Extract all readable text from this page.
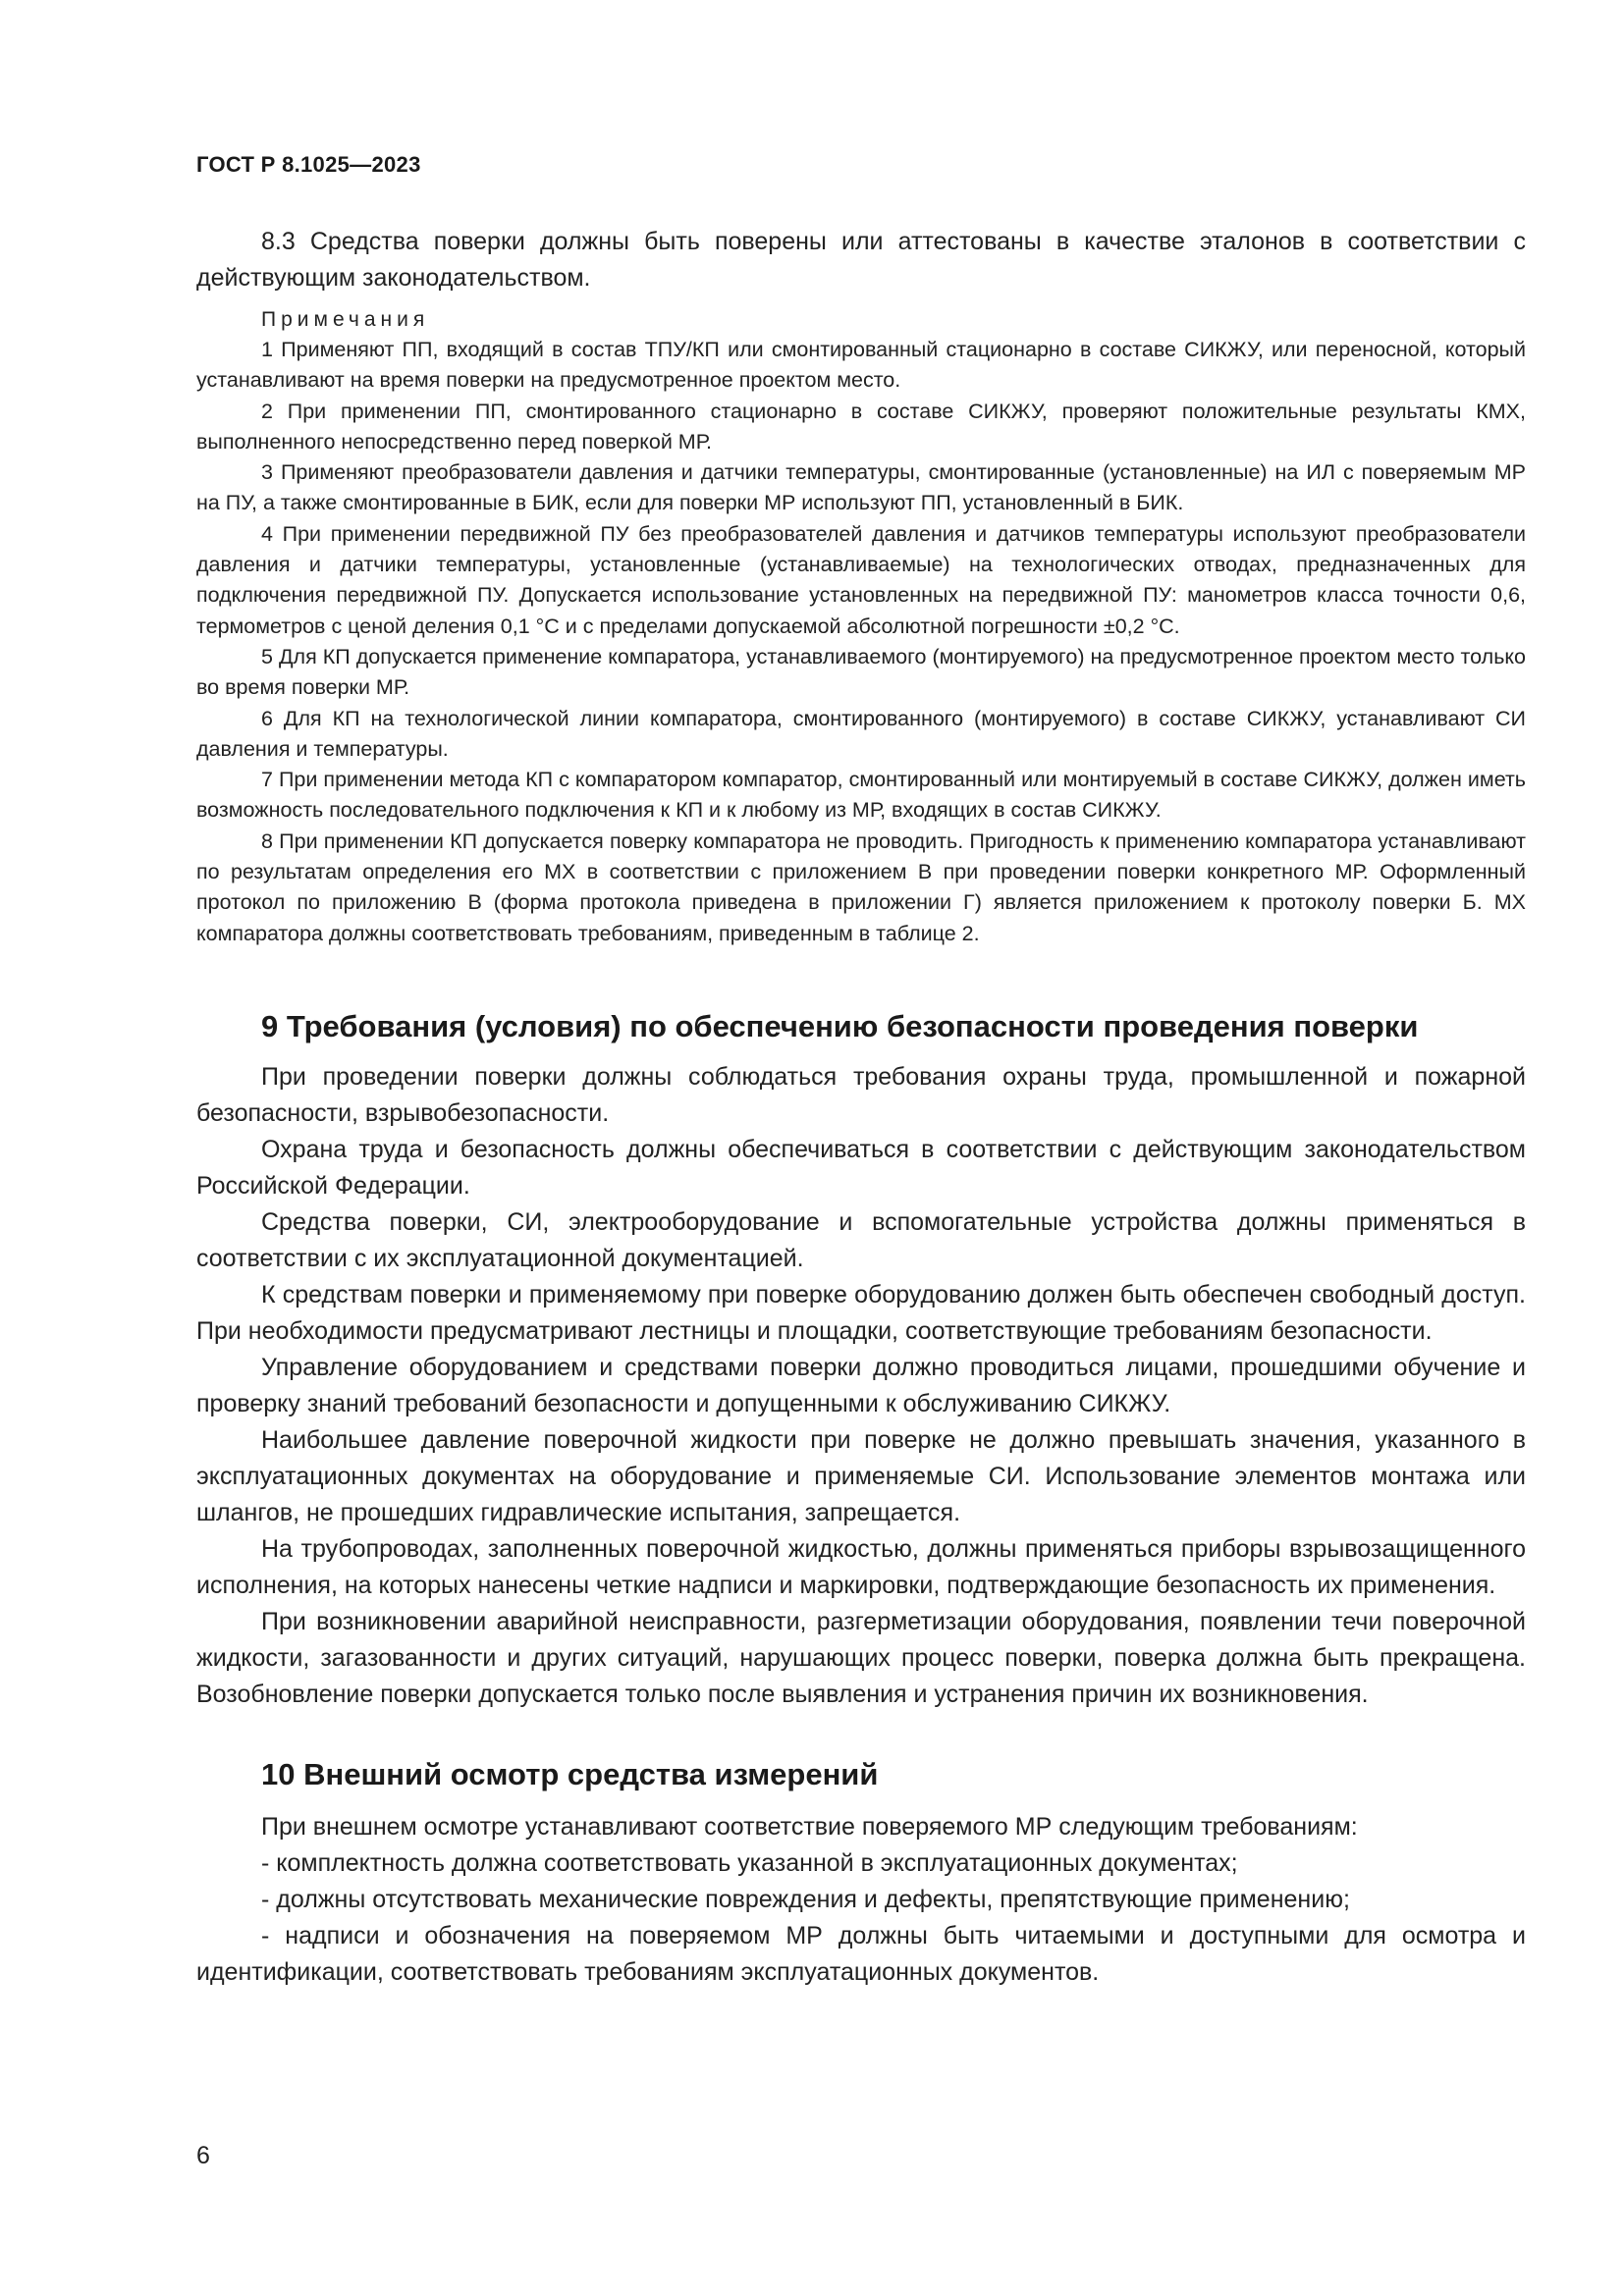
ГОСТ Р 8.1025—2023

8.3 Средства поверки должны быть поверены или аттестованы в качестве эталонов в соответствии с действующим законодательством.

Примечания

1 Применяют ПП, входящий в состав ТПУ/КП или смонтированный стационарно в составе СИКЖУ, или переносной, который устанавливают на время поверки на предусмотренное проектом место.

2 При применении ПП, смонтированного стационарно в составе СИКЖУ, проверяют положительные результаты КМХ, выполненного непосредственно перед поверкой МР.

3 Применяют преобразователи давления и датчики температуры, смонтированные (установленные) на ИЛ с поверяемым МР на ПУ, а также смонтированные в БИК, если для поверки МР используют ПП, установленный в БИК.

4 При применении передвижной ПУ без преобразователей давления и датчиков температуры используют преобразователи давления и датчики температуры, установленные (устанавливаемые) на технологических отводах, предназначенных для подключения передвижной ПУ. Допускается использование установленных на передвижной ПУ: манометров класса точности 0,6, термометров с ценой деления 0,1 °С и с пределами допускаемой абсолютной погрешности ±0,2 °С.

5 Для КП допускается применение компаратора, устанавливаемого (монтируемого) на предусмотренное проектом место только во время поверки МР.

6 Для КП на технологической линии компаратора, смонтированного (монтируемого) в составе СИКЖУ, устанавливают СИ давления и температуры.

7 При применении метода КП с компаратором компаратор, смонтированный или монтируемый в составе СИКЖУ, должен иметь возможность последовательного подключения к КП и к любому из МР, входящих в состав СИКЖУ.

8 При применении КП допускается поверку компаратора не проводить. Пригодность к применению компаратора устанавливают по результатам определения его МХ в соответствии с приложением В при проведении поверки конкретного МР. Оформленный протокол по приложению В (форма протокола приведена в приложении Г) является приложением к протоколу поверки Б. МХ компаратора должны соответствовать требованиям, приведенным в таблице 2.

9 Требования (условия) по обеспечению безопасности проведения поверки

При проведении поверки должны соблюдаться требования охраны труда, промышленной и пожарной безопасности, взрывобезопасности.

Охрана труда и безопасность должны обеспечиваться в соответствии с действующим законодательством Российской Федерации.

Средства поверки, СИ, электрооборудование и вспомогательные устройства должны применяться в соответствии с их эксплуатационной документацией.

К средствам поверки и применяемому при поверке оборудованию должен быть обеспечен свободный доступ. При необходимости предусматривают лестницы и площадки, соответствующие требованиям безопасности.

Управление оборудованием и средствами поверки должно проводиться лицами, прошедшими обучение и проверку знаний требований безопасности и допущенными к обслуживанию СИКЖУ.

Наибольшее давление поверочной жидкости при поверке не должно превышать значения, указанного в эксплуатационных документах на оборудование и применяемые СИ. Использование элементов монтажа или шлангов, не прошедших гидравлические испытания, запрещается.

На трубопроводах, заполненных поверочной жидкостью, должны применяться приборы взрывозащищенного исполнения, на которых нанесены четкие надписи и маркировки, подтверждающие безопасность их применения.

При возникновении аварийной неисправности, разгерметизации оборудования, появлении течи поверочной жидкости, загазованности и других ситуаций, нарушающих процесс поверки, поверка должна быть прекращена. Возобновление поверки допускается только после выявления и устранения причин их возникновения.

10 Внешний осмотр средства измерений

При внешнем осмотре устанавливают соответствие поверяемого МР следующим требованиям:

- комплектность должна соответствовать указанной в эксплуатационных документах;

- должны отсутствовать механические повреждения и дефекты, препятствующие применению;

- надписи и обозначения на поверяемом МР должны быть читаемыми и доступными для осмотра и идентификации, соответствовать требованиям эксплуатационных документов.

6
